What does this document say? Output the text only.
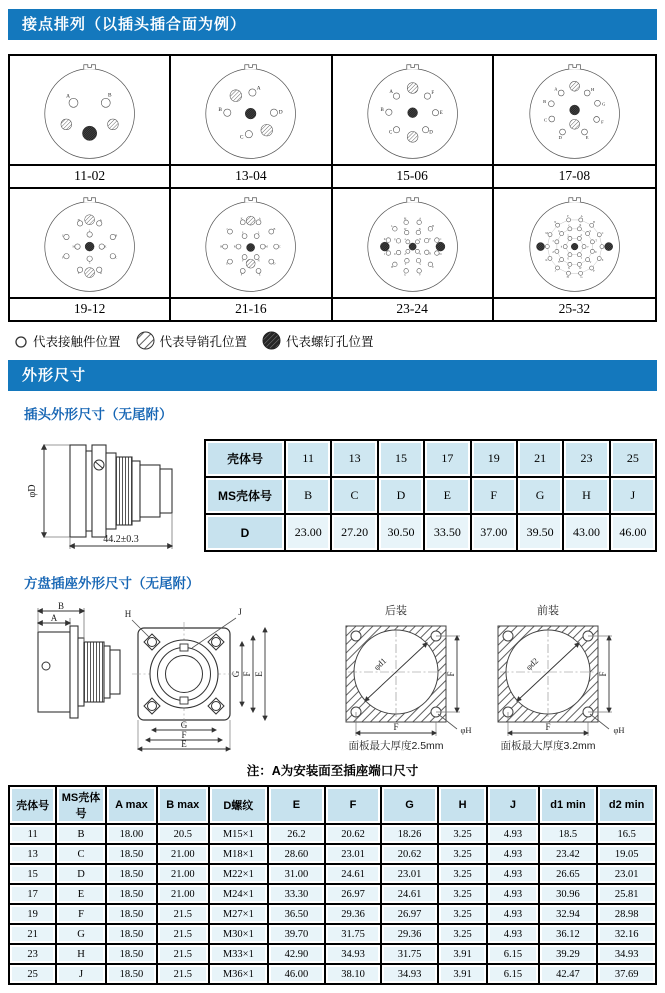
接点排列（以插头插合面为例）
A	B
11-02
A
B	D
C
13-04
A	F
B
E
C	D
15-06
A	H
B
G
C	F
D E
17-08
A
B
C
D
E
F
G
H
J
K
L
M
19-12
A
B
C
D
E
F
G
H
J
K
L
M
N
P
R
S
21-16
A
B
C
D
E
F
G
H
J
K
L
M
N
P
R
S
T
U
V
W
X
Y
Z
a
23-24
A
B
C
E
F
G
H
J
K
M
N
P
R
S
T
U
V
W
X
Y
Z
a
b
c
d
e
f
g
h
j
25-32
代表接触件位置	代表导销孔位置	代表螺钉孔位置
外形尺寸
插头外形尺寸（无尾附）
φD
44.2±0.3
壳体号	11	13	15	17	19	21	23	25
MS壳体号	B	C	D	E	F	G	H	J
D	23.00	27.20	30.50	33.50	37.00	39.50	43.00	46.00
方盘插座外形尺寸（无尾附）
B
A	H	J
G F E
G
F
E
后装
φd1
F
F	φH
面板最大厚度2.5mm
前装
φd2
F
F	φH
面板最大厚度3.2mm
注：A为安装面至插座端口尺寸
壳体号	MS壳体号	A max	B max	D螺纹	E	F	G	H	J	d1 min	d2 min
11	B	18.00	20.5	M15×1	26.2	20.62	18.26	3.25	4.93	18.5	16.5
13	C	18.50	21.00	M18×1	28.60	23.01	20.62	3.25	4.93	23.42	19.05
15	D	18.50	21.00	M22×1	31.00	24.61	23.01	3.25	4.93	26.65	23.01
17	E	18.50	21.00	M24×1	33.30	26.97	24.61	3.25	4.93	30.96	25.81
19	F	18.50	21.5	M27×1	36.50	29.36	26.97	3.25	4.93	32.94	28.98
21	G	18.50	21.5	M30×1	39.70	31.75	29.36	3.25	4.93	36.12	32.16
23	H	18.50	21.5	M33×1	42.90	34.93	31.75	3.91	6.15	39.29	34.93
25	J	18.50	21.5	M36×1	46.00	38.10	34.93	3.91	6.15	42.47	37.69
